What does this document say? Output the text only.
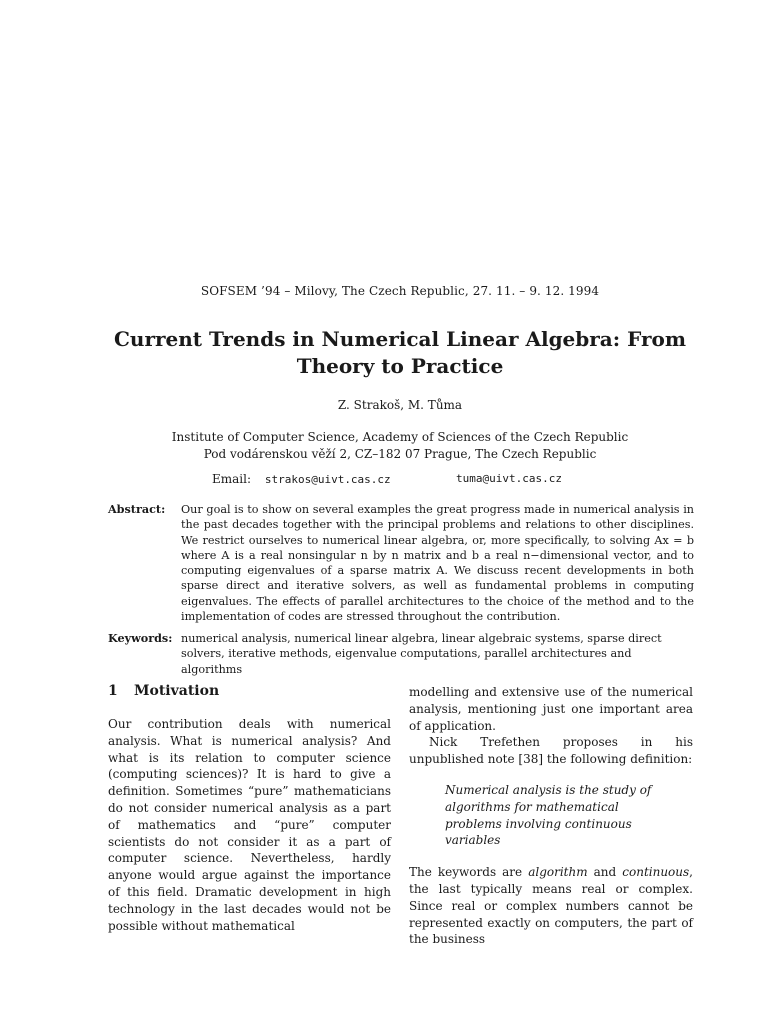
SOFSEM ’94 – Milovy, The Czech Republic, 27. 11. – 9. 12. 1994
Current Trends in Numerical Linear Algebra: From
Theory to Practice
Z. Strakoš, M. Tůma
Institute of Computer Science, Academy of Sciences of the Czech Republic
Pod vodárenskou věží 2, CZ–182 07 Prague, The Czech Republic
Email: strakos@uivt.cas.cz	tuma@uivt.cas.cz
Abstract: Our goal is to show on several examples the great progress made in numerical analysis in the past decades together with the principal problems and relations to other disciplines. We restrict ourselves to numerical linear algebra, or, more specifically, to solving Ax = b where A is a real nonsingular n by n matrix and b a real n−dimensional vector, and to computing eigenvalues of a sparse matrix A. We discuss recent developments in both sparse direct and iterative solvers, as well as fundamental problems in computing eigenvalues. The effects of parallel architectures to the choice of the method and to the implementation of codes are stressed throughout the contribution.
Keywords: numerical analysis, numerical linear algebra, linear algebraic systems, sparse direct solvers, iterative methods, eigenvalue computations, parallel architectures and algorithms
1 Motivation

Our contribution deals with numerical analysis. What is numerical analysis? And what is its relation to computer science (computing sciences)? It is hard to give a definition. Sometimes “pure” mathematicians do not consider numerical analysis as a part of mathematics and “pure” computer scientists do not consider it as a part of computer science. Nevertheless, hardly anyone would argue against the importance of this field. Dramatic development in high technology in the last decades would not be possible without mathematical

modelling and extensive use of the numerical analysis, mentioning just one important area of application.

Nick Trefethen proposes in his unpublished note [38] the following definition:

Numerical analysis is the study of algorithms for mathematical problems involving continuous variables

The keywords are algorithm and continuous, the last typically means real or complex. Since real or complex numbers cannot be represented exactly on computers, the part of the business
